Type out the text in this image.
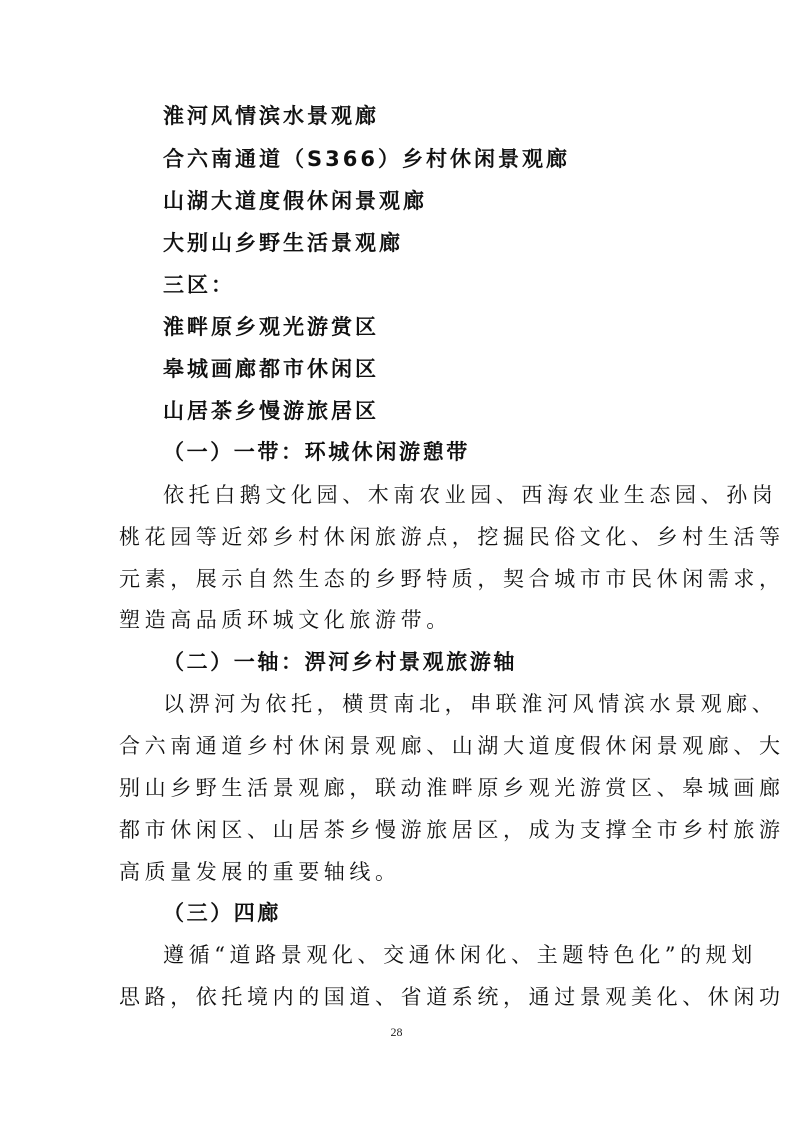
淮河风情滨水景观廊
合六南通道（S366）乡村休闲景观廊
山湖大道度假休闲景观廊
大别山乡野生活景观廊
三区：
淮畔原乡观光游赏区
皋城画廊都市休闲区
山居茶乡慢游旅居区
（一）一带：环城休闲游憩带
依托白鹅文化园、木南农业园、西海农业生态园、孙岗
桃花园等近郊乡村休闲旅游点，挖掘民俗文化、乡村生活等
元素，展示自然生态的乡野特质，契合城市市民休闲需求，
塑造高品质环城文化旅游带。
（二）一轴：淠河乡村景观旅游轴
以淠河为依托，横贯南北，串联淮河风情滨水景观廊、
合六南通道乡村休闲景观廊、山湖大道度假休闲景观廊、大
别山乡野生活景观廊，联动淮畔原乡观光游赏区、皋城画廊
都市休闲区、山居茶乡慢游旅居区，成为支撑全市乡村旅游
高质量发展的重要轴线。
（三）四廊
遵循“道路景观化、交通休闲化、主题特色化”的规划
思路，依托境内的国道、省道系统，通过景观美化、休闲功
28
